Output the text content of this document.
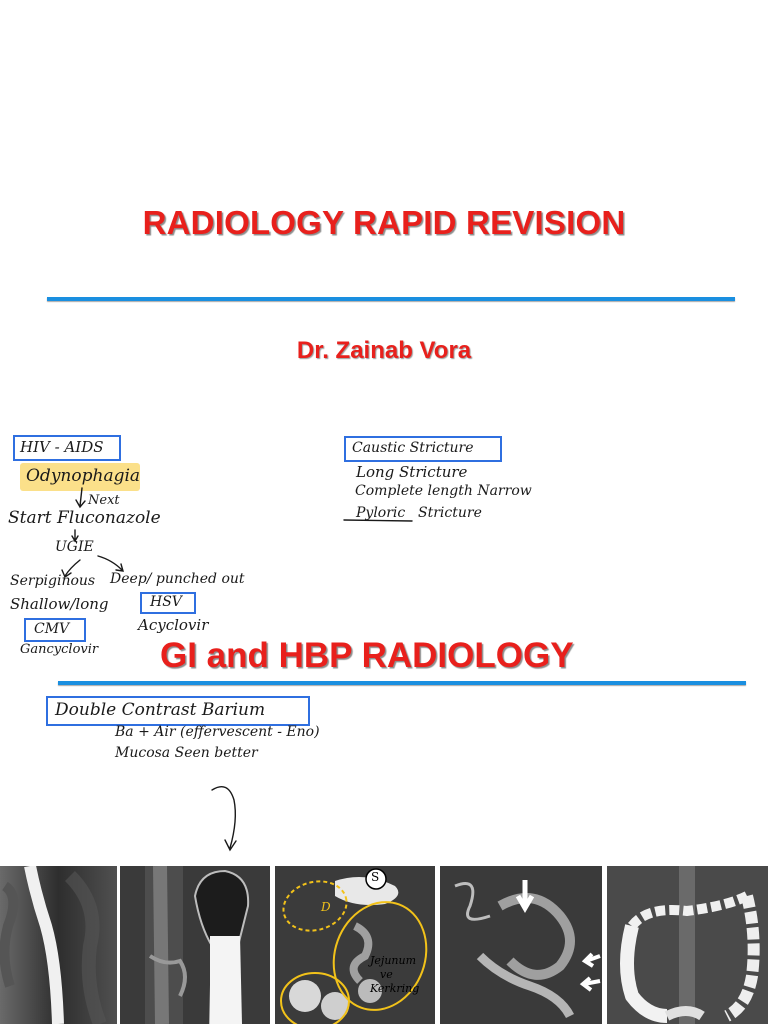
RADIOLOGY RAPID REVISION
Dr. Zainab Vora
HIV - AIDS
Odynophagia
Next
Start Fluconazole
UGIE
Serpiginous Deep/ punched out
Shallow/long	HSV
Acyclovir
CMV
Gancyclovir
Caustic Stricture
Long Stricture
Complete length Narrow
Pyloric Stricture
GI and HBP RADIOLOGY
Double Contrast Barium
Ba + Air (effervescent - Eno)
Mucosa Seen better
S
D
Jejunum
ve
Kerkring
